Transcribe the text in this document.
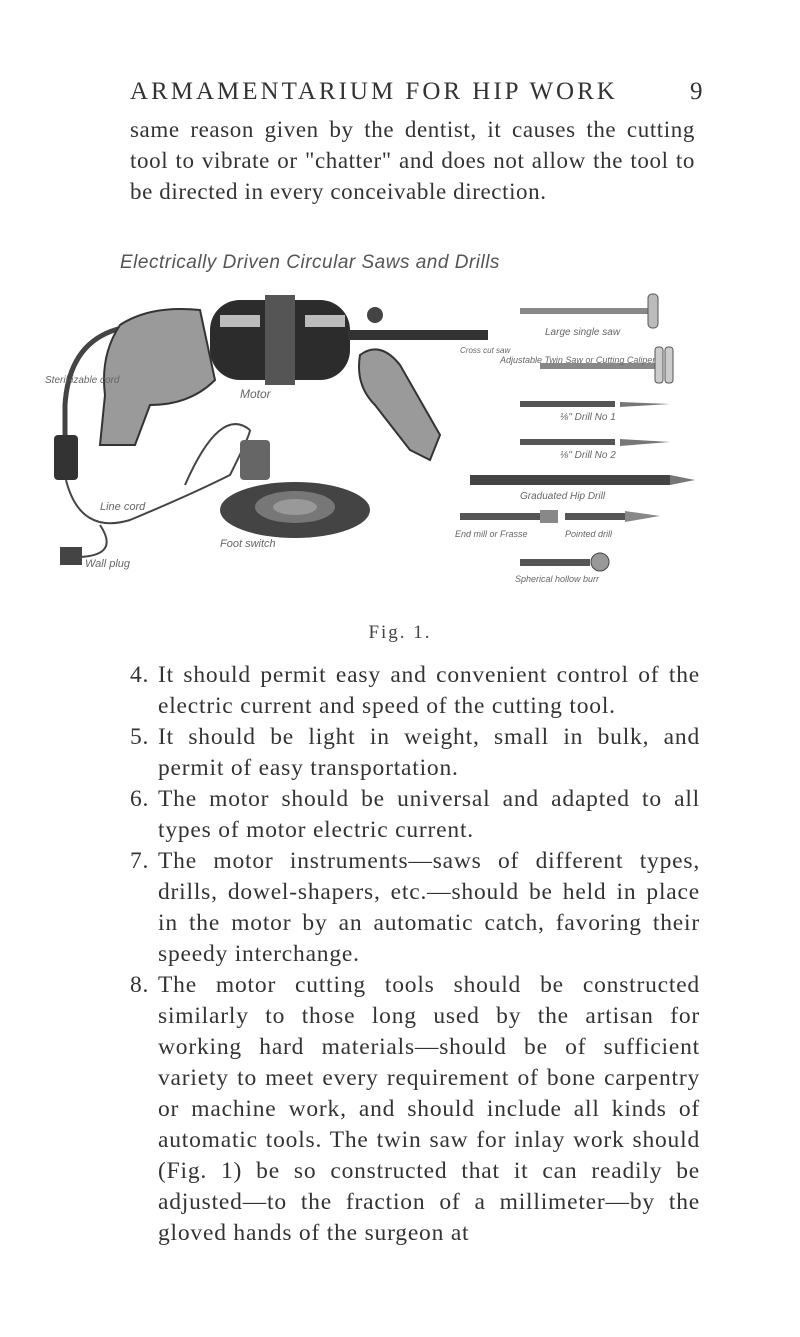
ARMAMENTARIUM FOR HIP WORK	9
same reason given by the dentist, it causes the cutting tool to vibrate or "chatter" and does not allow the tool to be directed in every conceivable direction.
Electrically Driven Circular Saws and Drills
Steril-izable cord
Motor
Line cord
Wall plug
Foot switch
Cross cut saw
Large single saw
Adjustable Twin Saw or Cutting Caliper
⅛" Drill No 1
⅛" Drill No 2
Graduated Hip Drill
End mill or Frasse	Pointed drill
Spherical hollow burr
Fig. 1.
4. It should permit easy and convenient control of the electric current and speed of the cutting tool.
5. It should be light in weight, small in bulk, and permit of easy transportation.
6. The motor should be universal and adapted to all types of motor electric current.
7. The motor instruments—saws of different types, drills, dowel-shapers, etc.—should be held in place in the motor by an automatic catch, favoring their speedy interchange.
8. The motor cutting tools should be constructed similarly to those long used by the artisan for working hard materials—should be of sufficient variety to meet every requirement of bone carpentry or machine work, and should include all kinds of automatic tools. The twin saw for inlay work should (Fig. 1) be so constructed that it can readily be adjusted—to the fraction of a millimeter—by the gloved hands of the surgeon at
